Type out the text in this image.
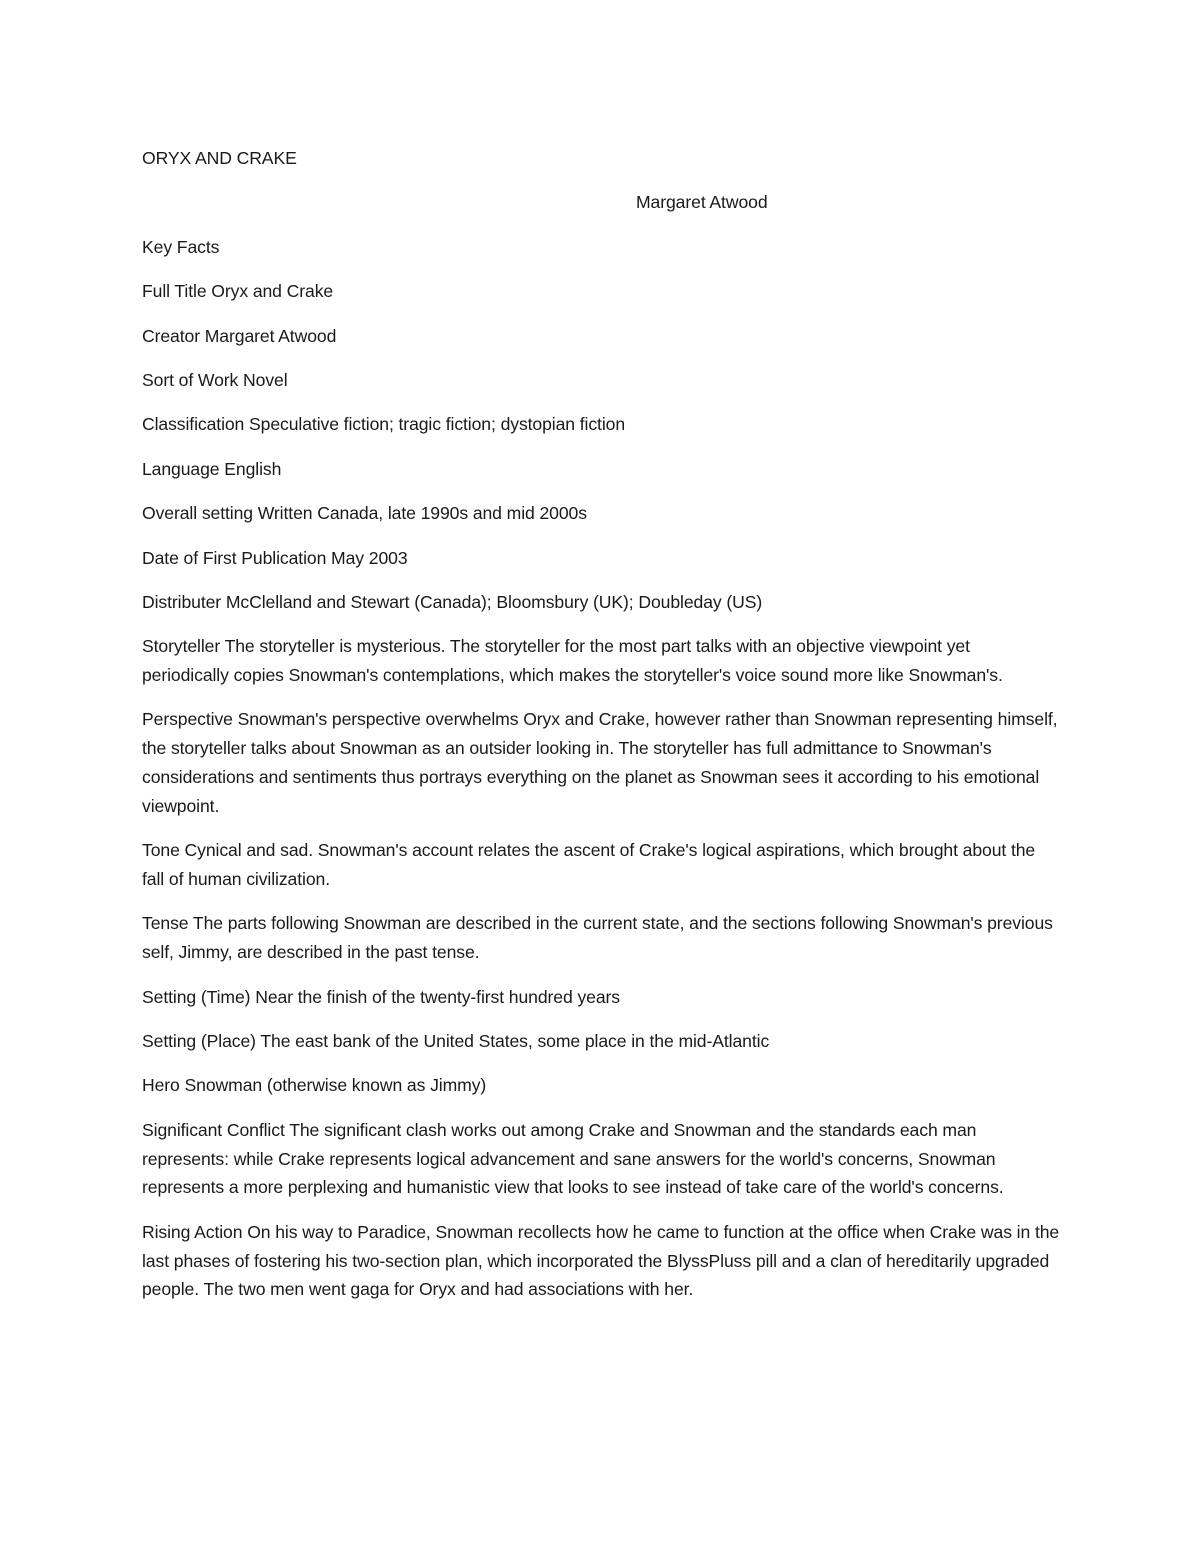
ORYX AND CRAKE

Margaret Atwood

Key Facts

Full Title Oryx and Crake

Creator Margaret Atwood

Sort of Work Novel

Classification Speculative fiction; tragic fiction; dystopian fiction

Language English

Overall setting Written Canada, late 1990s and mid 2000s

Date of First Publication May 2003

Distributer McClelland and Stewart (Canada); Bloomsbury (UK); Doubleday (US)

Storyteller The storyteller is mysterious. The storyteller for the most part talks with an objective viewpoint yet periodically copies Snowman's contemplations, which makes the storyteller's voice sound more like Snowman's.

Perspective Snowman's perspective overwhelms Oryx and Crake, however rather than Snowman representing himself, the storyteller talks about Snowman as an outsider looking in. The storyteller has full admittance to Snowman's considerations and sentiments thus portrays everything on the planet as Snowman sees it according to his emotional viewpoint.

Tone Cynical and sad. Snowman's account relates the ascent of Crake's logical aspirations, which brought about the fall of human civilization.

Tense The parts following Snowman are described in the current state, and the sections following Snowman's previous self, Jimmy, are described in the past tense.

Setting (Time) Near the finish of the twenty-first hundred years

Setting (Place) The east bank of the United States, some place in the mid-Atlantic

Hero Snowman (otherwise known as Jimmy)

Significant Conflict The significant clash works out among Crake and Snowman and the standards each man represents: while Crake represents logical advancement and sane answers for the world's concerns, Snowman represents a more perplexing and humanistic view that looks to see instead of take care of the world's concerns.

Rising Action On his way to Paradice, Snowman recollects how he came to function at the office when Crake was in the last phases of fostering his two-section plan, which incorporated the BlyssPluss pill and a clan of hereditarily upgraded people. The two men went gaga for Oryx and had associations with her.
